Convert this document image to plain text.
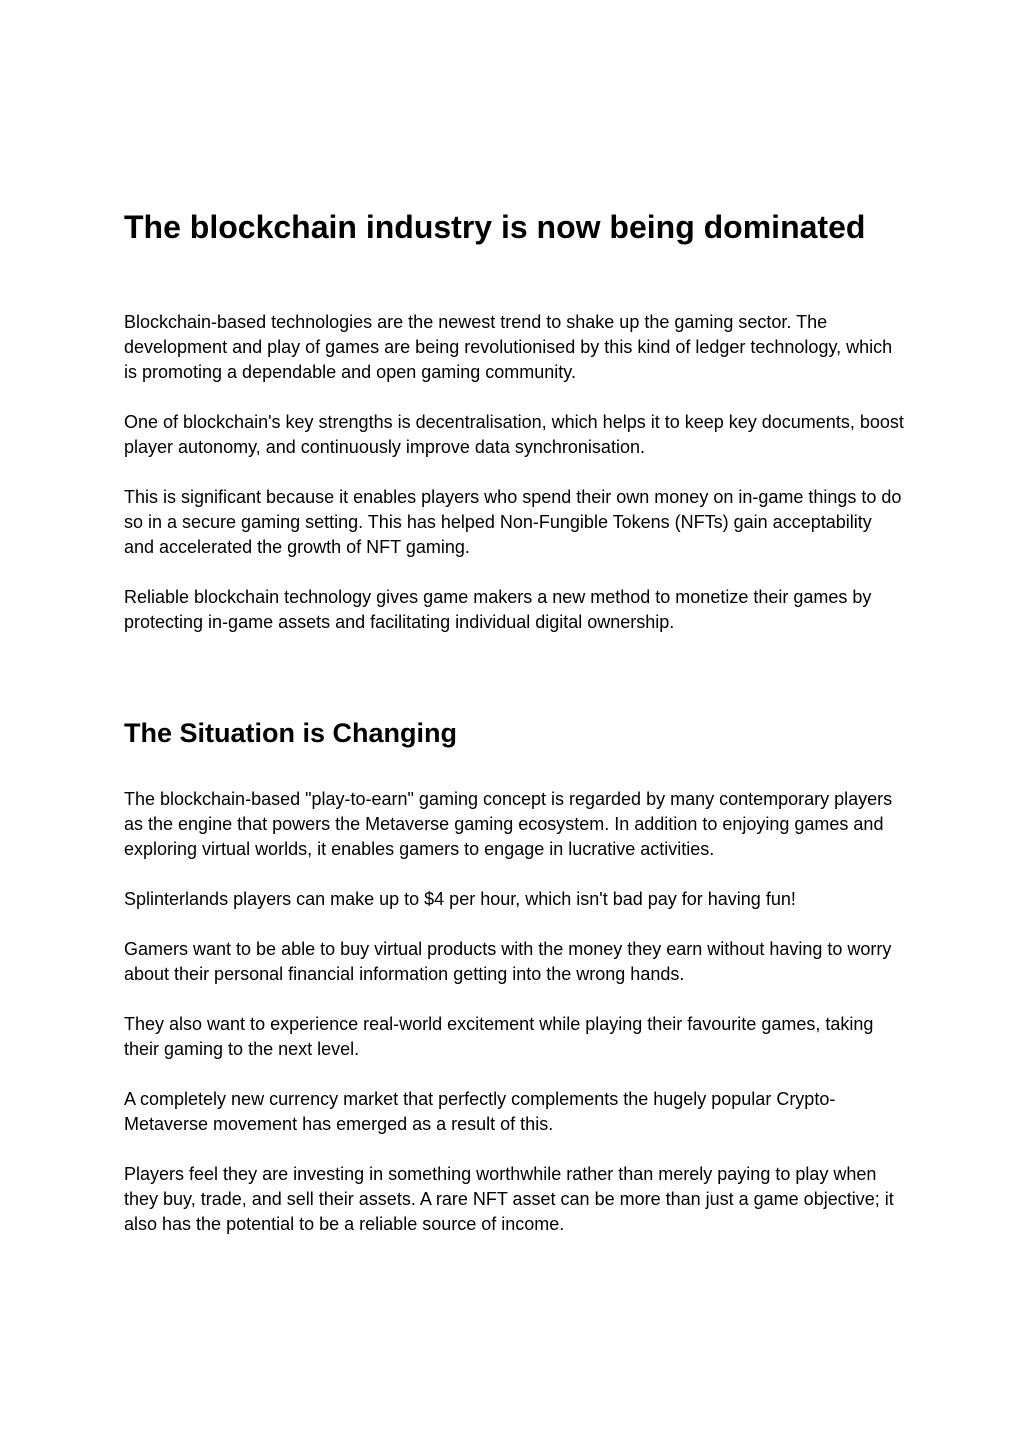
The blockchain industry is now being dominated

Blockchain-based technologies are the newest trend to shake up the gaming sector. The development and play of games are being revolutionised by this kind of ledger technology, which is promoting a dependable and open gaming community.

One of blockchain's key strengths is decentralisation, which helps it to keep key documents, boost player autonomy, and continuously improve data synchronisation.

This is significant because it enables players who spend their own money on in-game things to do so in a secure gaming setting. This has helped Non-Fungible Tokens (NFTs) gain acceptability and accelerated the growth of NFT gaming.

Reliable blockchain technology gives game makers a new method to monetize their games by protecting in-game assets and facilitating individual digital ownership.

The Situation is Changing

The blockchain-based "play-to-earn" gaming concept is regarded by many contemporary players as the engine that powers the Metaverse gaming ecosystem. In addition to enjoying games and exploring virtual worlds, it enables gamers to engage in lucrative activities.

Splinterlands players can make up to $4 per hour, which isn't bad pay for having fun!

Gamers want to be able to buy virtual products with the money they earn without having to worry about their personal financial information getting into the wrong hands.

They also want to experience real-world excitement while playing their favourite games, taking their gaming to the next level.

A completely new currency market that perfectly complements the hugely popular Crypto-Metaverse movement has emerged as a result of this.

Players feel they are investing in something worthwhile rather than merely paying to play when they buy, trade, and sell their assets. A rare NFT asset can be more than just a game objective; it also has the potential to be a reliable source of income.
